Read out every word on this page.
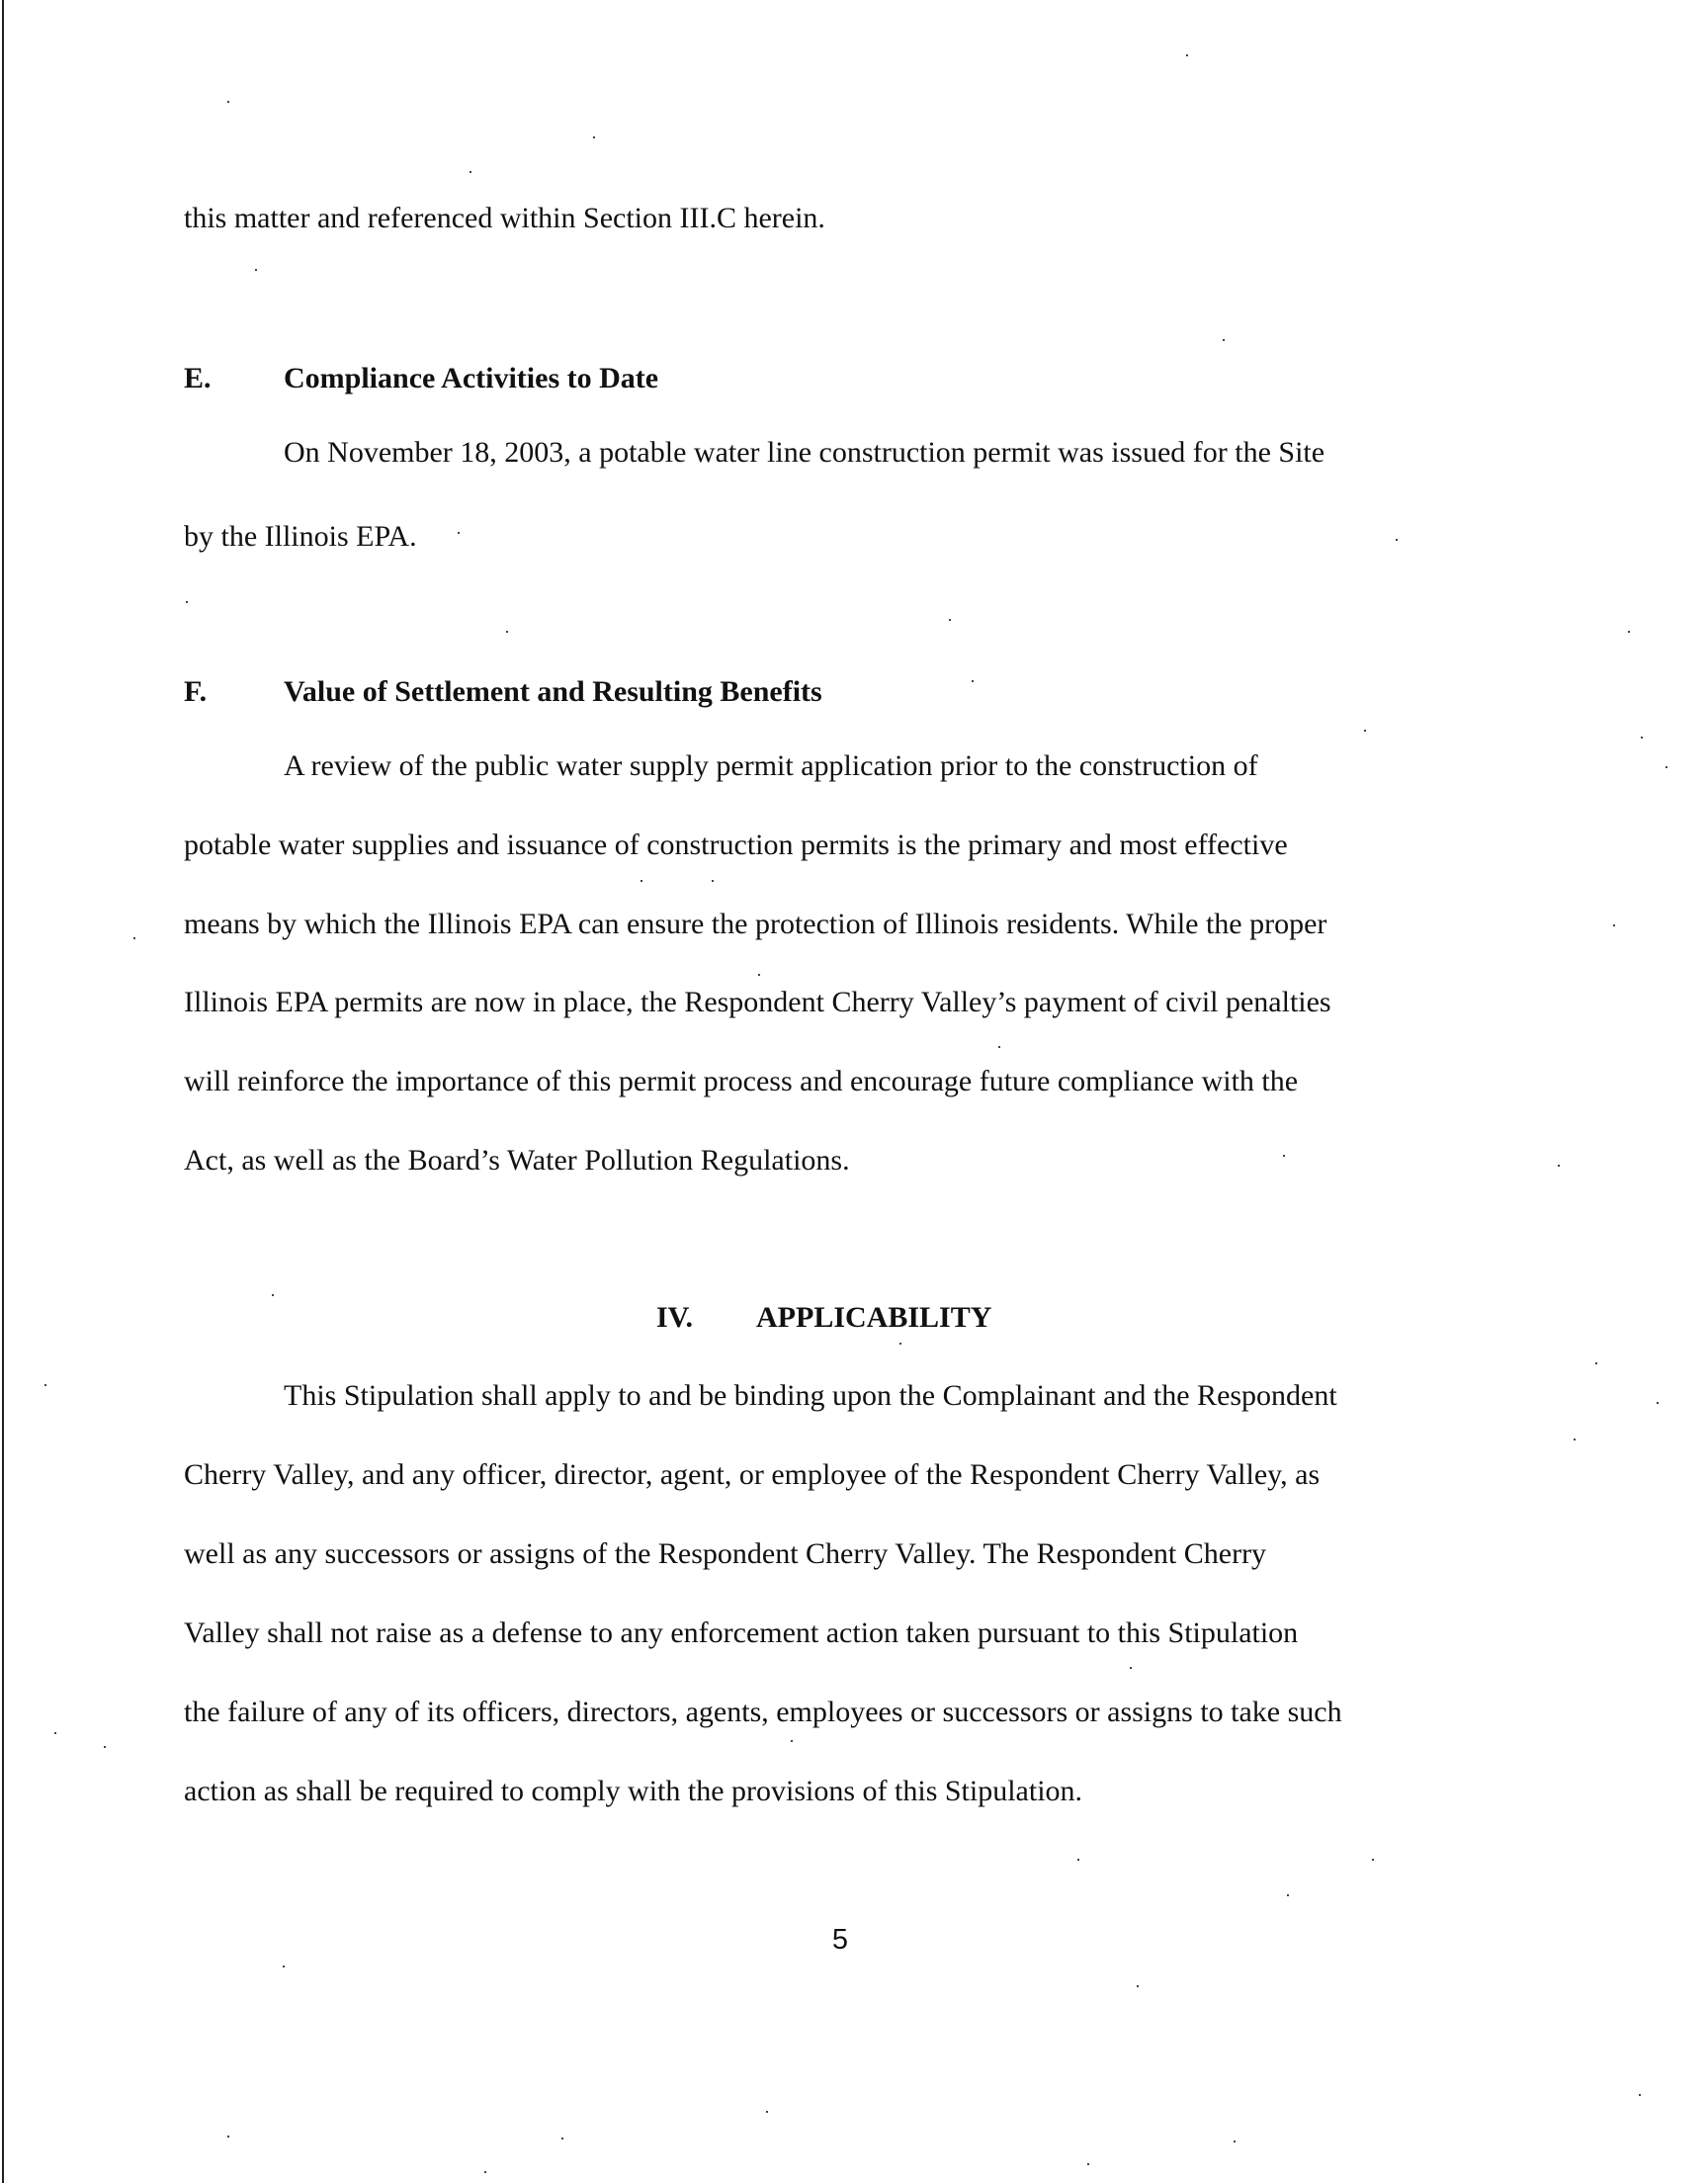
this matter and referenced within Section III.C herein.
E. Compliance Activities to Date
On November 18, 2003, a potable water line construction permit was issued for the Site
by the Illinois EPA.
F.	Value of Settlement and Resulting Benefits
A review of the public water supply permit application prior to the construction of
potable water supplies and issuance of construction permits is the primary and most effective
means by which the Illinois EPA can ensure the protection of Illinois residents. While the proper
Illinois EPA permits are now in place, the Respondent Cherry Valley’s payment of civil penalties
will reinforce the importance of this permit process and encourage future compliance with the
Act, as well as the Board’s Water Pollution Regulations.
IV. APPLICABILITY
This Stipulation shall apply to and be binding upon the Complainant and the Respondent
Cherry Valley, and any officer, director, agent, or employee of the Respondent Cherry Valley, as
well as any successors or assigns of the Respondent Cherry Valley. The Respondent Cherry
Valley shall not raise as a defense to any enforcement action taken pursuant to this Stipulation
the failure of any of its officers, directors, agents, employees or successors or assigns to take such
action as shall be required to comply with the provisions of this Stipulation.
5
